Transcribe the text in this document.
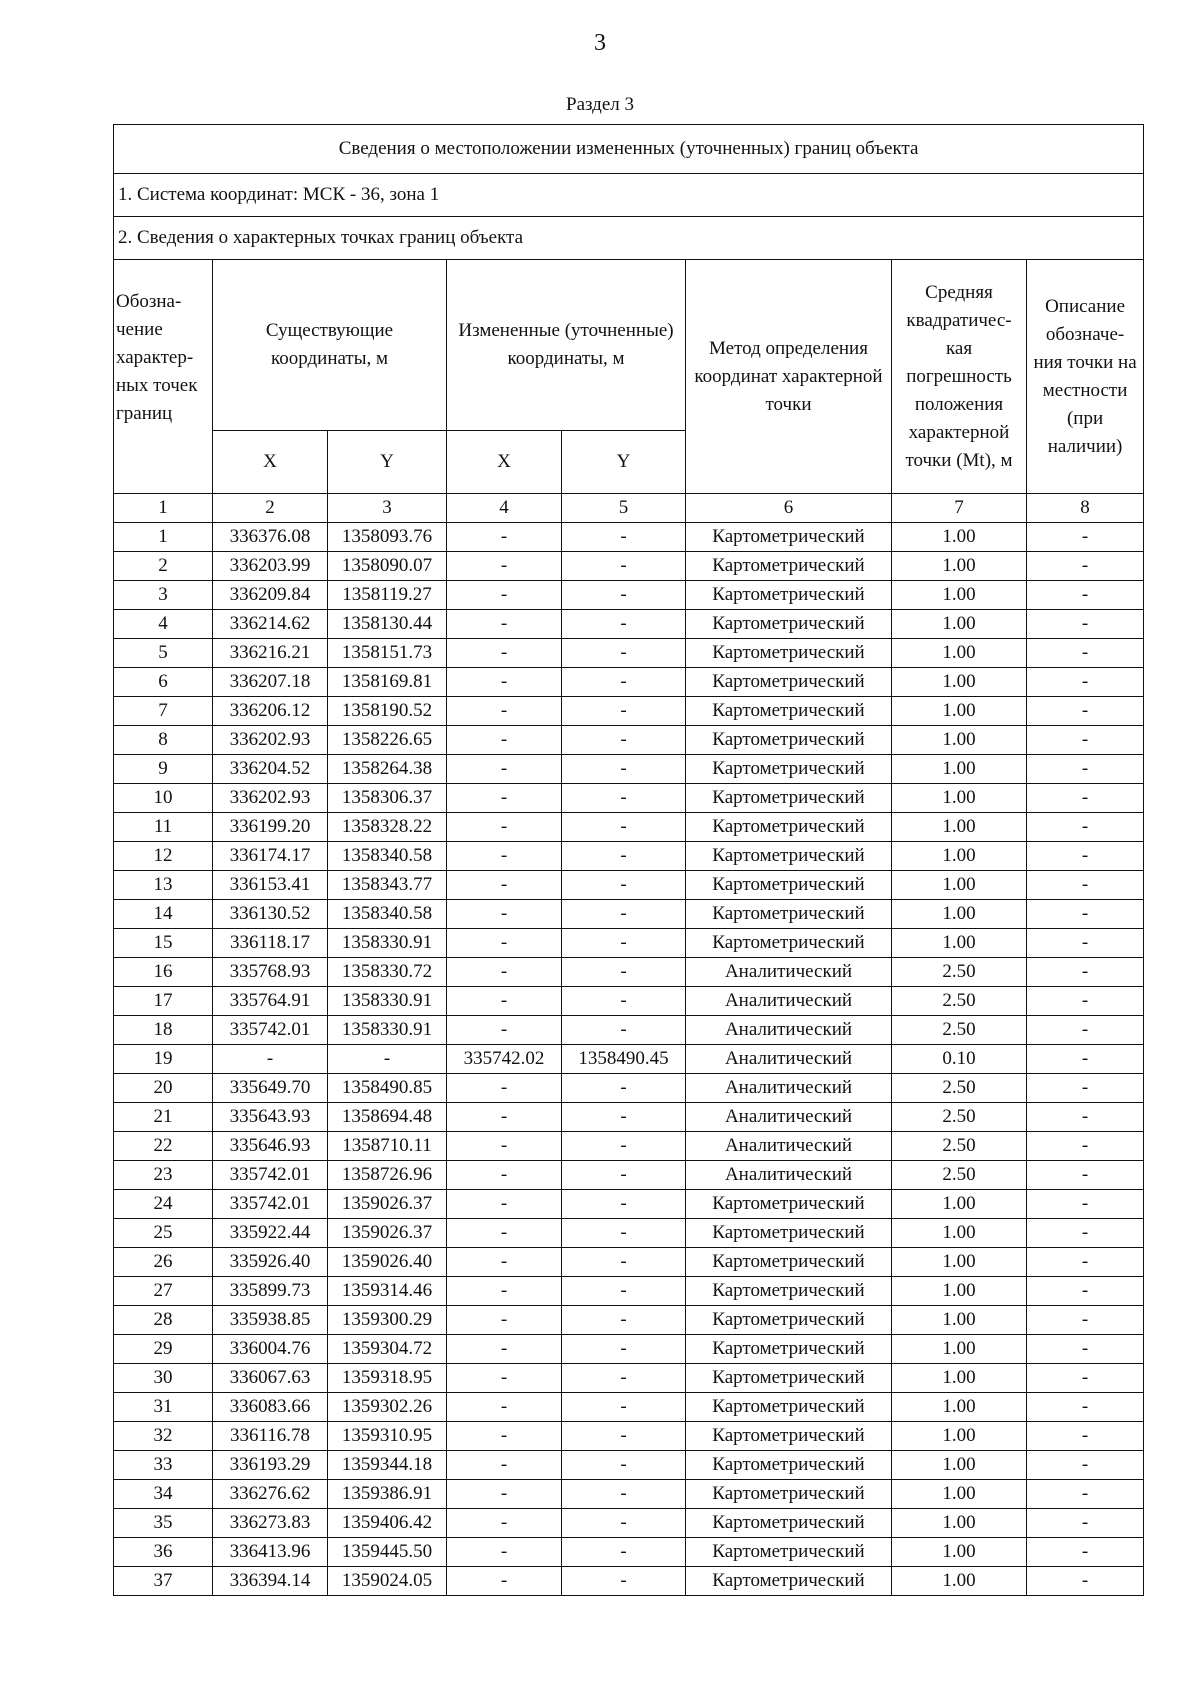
3
Раздел 3
Сведения о местоположении измененных (уточненных) границ объекта							
1. Система координат: МСК - 36, зона 1							
2. Сведения о характерных точках границ объекта							
Обозна- чение характер- ных точек границ	Существующие координаты, м		Измененные (уточненные) координаты, м		Метод определения координат характерной точки	Средняя квадратичес- кая погрешность положения характерной точки (Mt), м	Описание обозначе- ния точки на местности (при наличии)
	X	Y	X	Y			
1	2	3	4	5	6	7	8
1	336376.08	1358093.76	-	-	Картометрический	1.00	-
2	336203.99	1358090.07	-	-	Картометрический	1.00	-
3	336209.84	1358119.27	-	-	Картометрический	1.00	-
4	336214.62	1358130.44	-	-	Картометрический	1.00	-
5	336216.21	1358151.73	-	-	Картометрический	1.00	-
6	336207.18	1358169.81	-	-	Картометрический	1.00	-
7	336206.12	1358190.52	-	-	Картометрический	1.00	-
8	336202.93	1358226.65	-	-	Картометрический	1.00	-
9	336204.52	1358264.38	-	-	Картометрический	1.00	-
10	336202.93	1358306.37	-	-	Картометрический	1.00	-
11	336199.20	1358328.22	-	-	Картометрический	1.00	-
12	336174.17	1358340.58	-	-	Картометрический	1.00	-
13	336153.41	1358343.77	-	-	Картометрический	1.00	-
14	336130.52	1358340.58	-	-	Картометрический	1.00	-
15	336118.17	1358330.91	-	-	Картометрический	1.00	-
16	335768.93	1358330.72	-	-	Аналитический	2.50	-
17	335764.91	1358330.91	-	-	Аналитический	2.50	-
18	335742.01	1358330.91	-	-	Аналитический	2.50	-
19	-	-	335742.02	1358490.45	Аналитический	0.10	-
20	335649.70	1358490.85	-	-	Аналитический	2.50	-
21	335643.93	1358694.48	-	-	Аналитический	2.50	-
22	335646.93	1358710.11	-	-	Аналитический	2.50	-
23	335742.01	1358726.96	-	-	Аналитический	2.50	-
24	335742.01	1359026.37	-	-	Картометрический	1.00	-
25	335922.44	1359026.37	-	-	Картометрический	1.00	-
26	335926.40	1359026.40	-	-	Картометрический	1.00	-
27	335899.73	1359314.46	-	-	Картометрический	1.00	-
28	335938.85	1359300.29	-	-	Картометрический	1.00	-
29	336004.76	1359304.72	-	-	Картометрический	1.00	-
30	336067.63	1359318.95	-	-	Картометрический	1.00	-
31	336083.66	1359302.26	-	-	Картометрический	1.00	-
32	336116.78	1359310.95	-	-	Картометрический	1.00	-
33	336193.29	1359344.18	-	-	Картометрический	1.00	-
34	336276.62	1359386.91	-	-	Картометрический	1.00	-
35	336273.83	1359406.42	-	-	Картометрический	1.00	-
36	336413.96	1359445.50	-	-	Картометрический	1.00	-
37	336394.14	1359024.05	-	-	Картометрический	1.00	-
